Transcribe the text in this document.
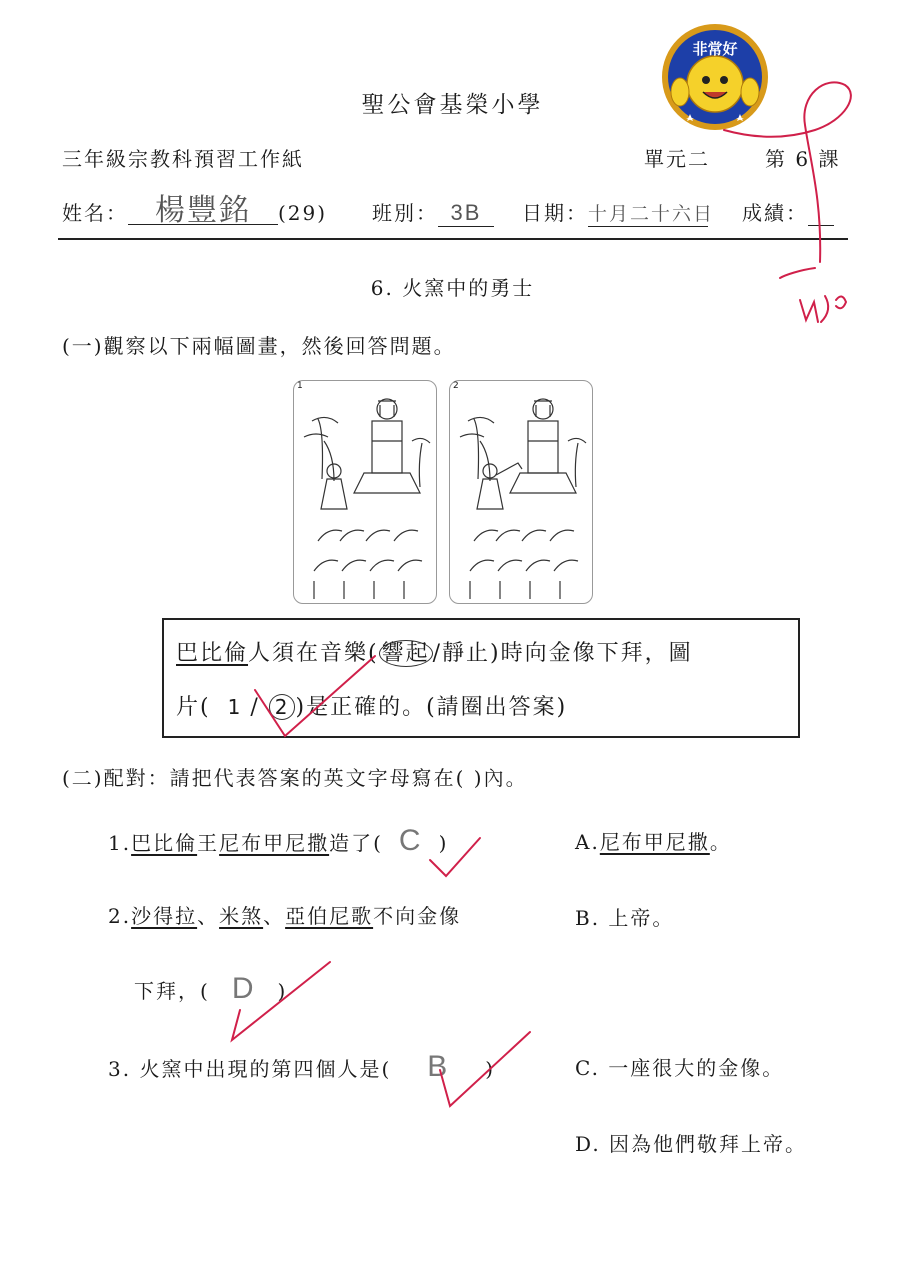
非常好
聖公會基榮小學
三年級宗教科預習工作紙	單元二	第 6 課
姓名： 楊豐銘 (29) 班別： 3B	日期：十月二十六日 成績：
6. 火窯中的勇士
(一)觀察以下兩幅圖畫，然後回答問題。
1	2
巴比倫人須在音樂( 響起 /靜止)時向金像下拜，圖
片( 1 / 2 )是正確的。(請圈出答案)
(二)配對：請把代表答案的英文字母寫在( )內。
1.巴比倫王尼布甲尼撒造了( C )
2.沙得拉、米煞、亞伯尼歌不向金像
下拜，( D )
3. 火窯中出現的第四個人是( B )
A.尼布甲尼撒。
B. 上帝。
C. 一座很大的金像。
D. 因為他們敬拜上帝。
